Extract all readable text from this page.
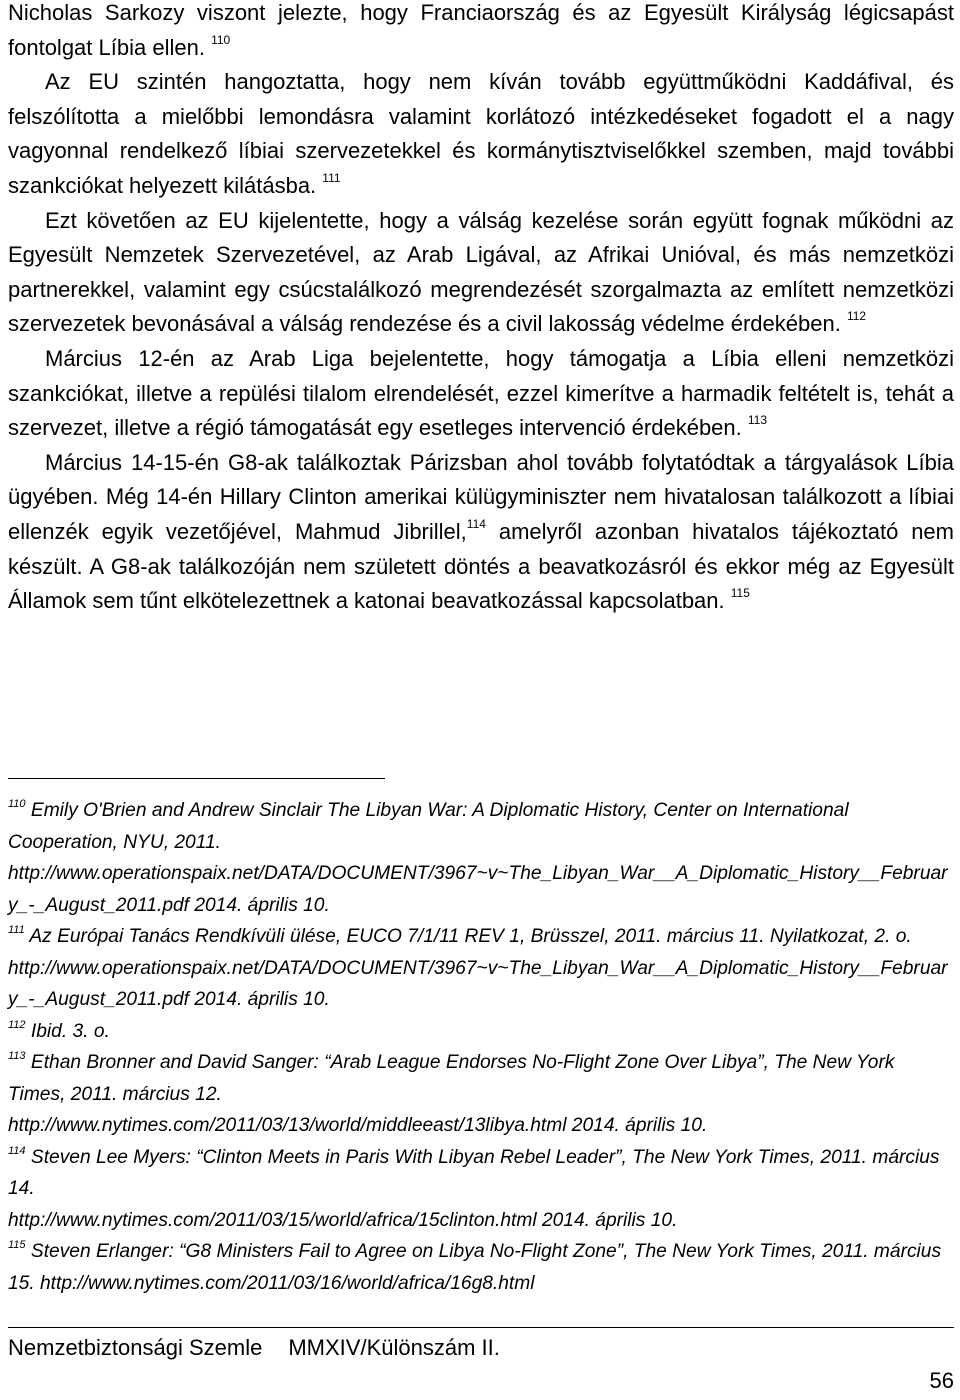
Nicholas Sarkozy viszont jelezte, hogy Franciaország és az Egyesült Királyság légicsapást fontolgat Líbia ellen. $^{110}$

Az EU szintén hangoztatta, hogy nem kíván tovább együttműködni Kaddáfival, és felszólította a mielőbbi lemondásra valamint korlátozó intézkedéseket fogadott el a nagy vagyonnal rendelkező líbiai szervezetekkel és kormánytisztviselőkkel szemben, majd további szankciókat helyezett kilátásba. $^{111}$

Ezt követően az EU kijelentette, hogy a válság kezelése során együtt fognak működni az Egyesült Nemzetek Szervezetével, az Arab Ligával, az Afrikai Unióval, és más nemzetközi partnerekkel, valamint egy csúcstalálkozó megrendezését szorgalmazta az említett nemzetközi szervezetek bevonásával a válság rendezése és a civil lakosság védelme érdekében. $^{112}$

Március 12-én az Arab Liga bejelentette, hogy támogatja a Líbia elleni nemzetközi szankciókat, illetve a repülési tilalom elrendelését, ezzel kimerítve a harmadik feltételt is, tehát a szervezet, illetve a régió támogatását egy esetleges intervenció érdekében. $^{113}$

Március 14-15-én G8-ak találkoztak Párizsban ahol tovább folytatódtak a tárgyalások Líbia ügyében. Még 14-én Hillary Clinton amerikai külügyminiszter nem hivatalosan találkozott a líbiai ellenzék egyik vezetőjével, Mahmud Jibrillel,$^{114}$ amelyről azonban hivatalos tájékoztató nem készült. A G8-ak találkozóján nem született döntés a beavatkozásról és ekkor még az Egyesült Államok sem tűnt elkötelezettnek a katonai beavatkozással kapcsolatban. $^{115}$

$^{110}$ Emily O'Brien and Andrew Sinclair The Libyan War: A Diplomatic History, Center on International Cooperation, NYU, 2011.
http://www.operationspaix.net/DATA/DOCUMENT/3967~v~The_Libyan_War__A_Diplomatic_History__February_-_August_2011.pdf 2014. április 10.

$^{111}$ Az Európai Tanács Rendkívüli ülése, EUCO 7/1/11 REV 1, Brüsszel, 2011. március 11. Nyilatkozat, 2. o.
http://www.operationspaix.net/DATA/DOCUMENT/3967~v~The_Libyan_War__A_Diplomatic_History__February_-_August_2011.pdf 2014. április 10.

$^{112}$ Ibid. 3. o.

$^{113}$ Ethan Bronner and David Sanger: “Arab League Endorses No-Flight Zone Over Libya”, The New York Times, 2011. március 12.
http://www.nytimes.com/2011/03/13/world/middleeast/13libya.html 2014. április 10.

$^{114}$ Steven Lee Myers: “Clinton Meets in Paris With Libyan Rebel Leader”, The New York Times, 2011. március 14.
http://www.nytimes.com/2011/03/15/world/africa/15clinton.html 2014. április 10.

$^{115}$ Steven Erlanger: “G8 Ministers Fail to Agree on Libya No-Flight Zone”, The New York Times, 2011. március 15. http://www.nytimes.com/2011/03/16/world/africa/16g8.html

Nemzetbiztonsági Szemle MMXIV/Különszám II.
56
